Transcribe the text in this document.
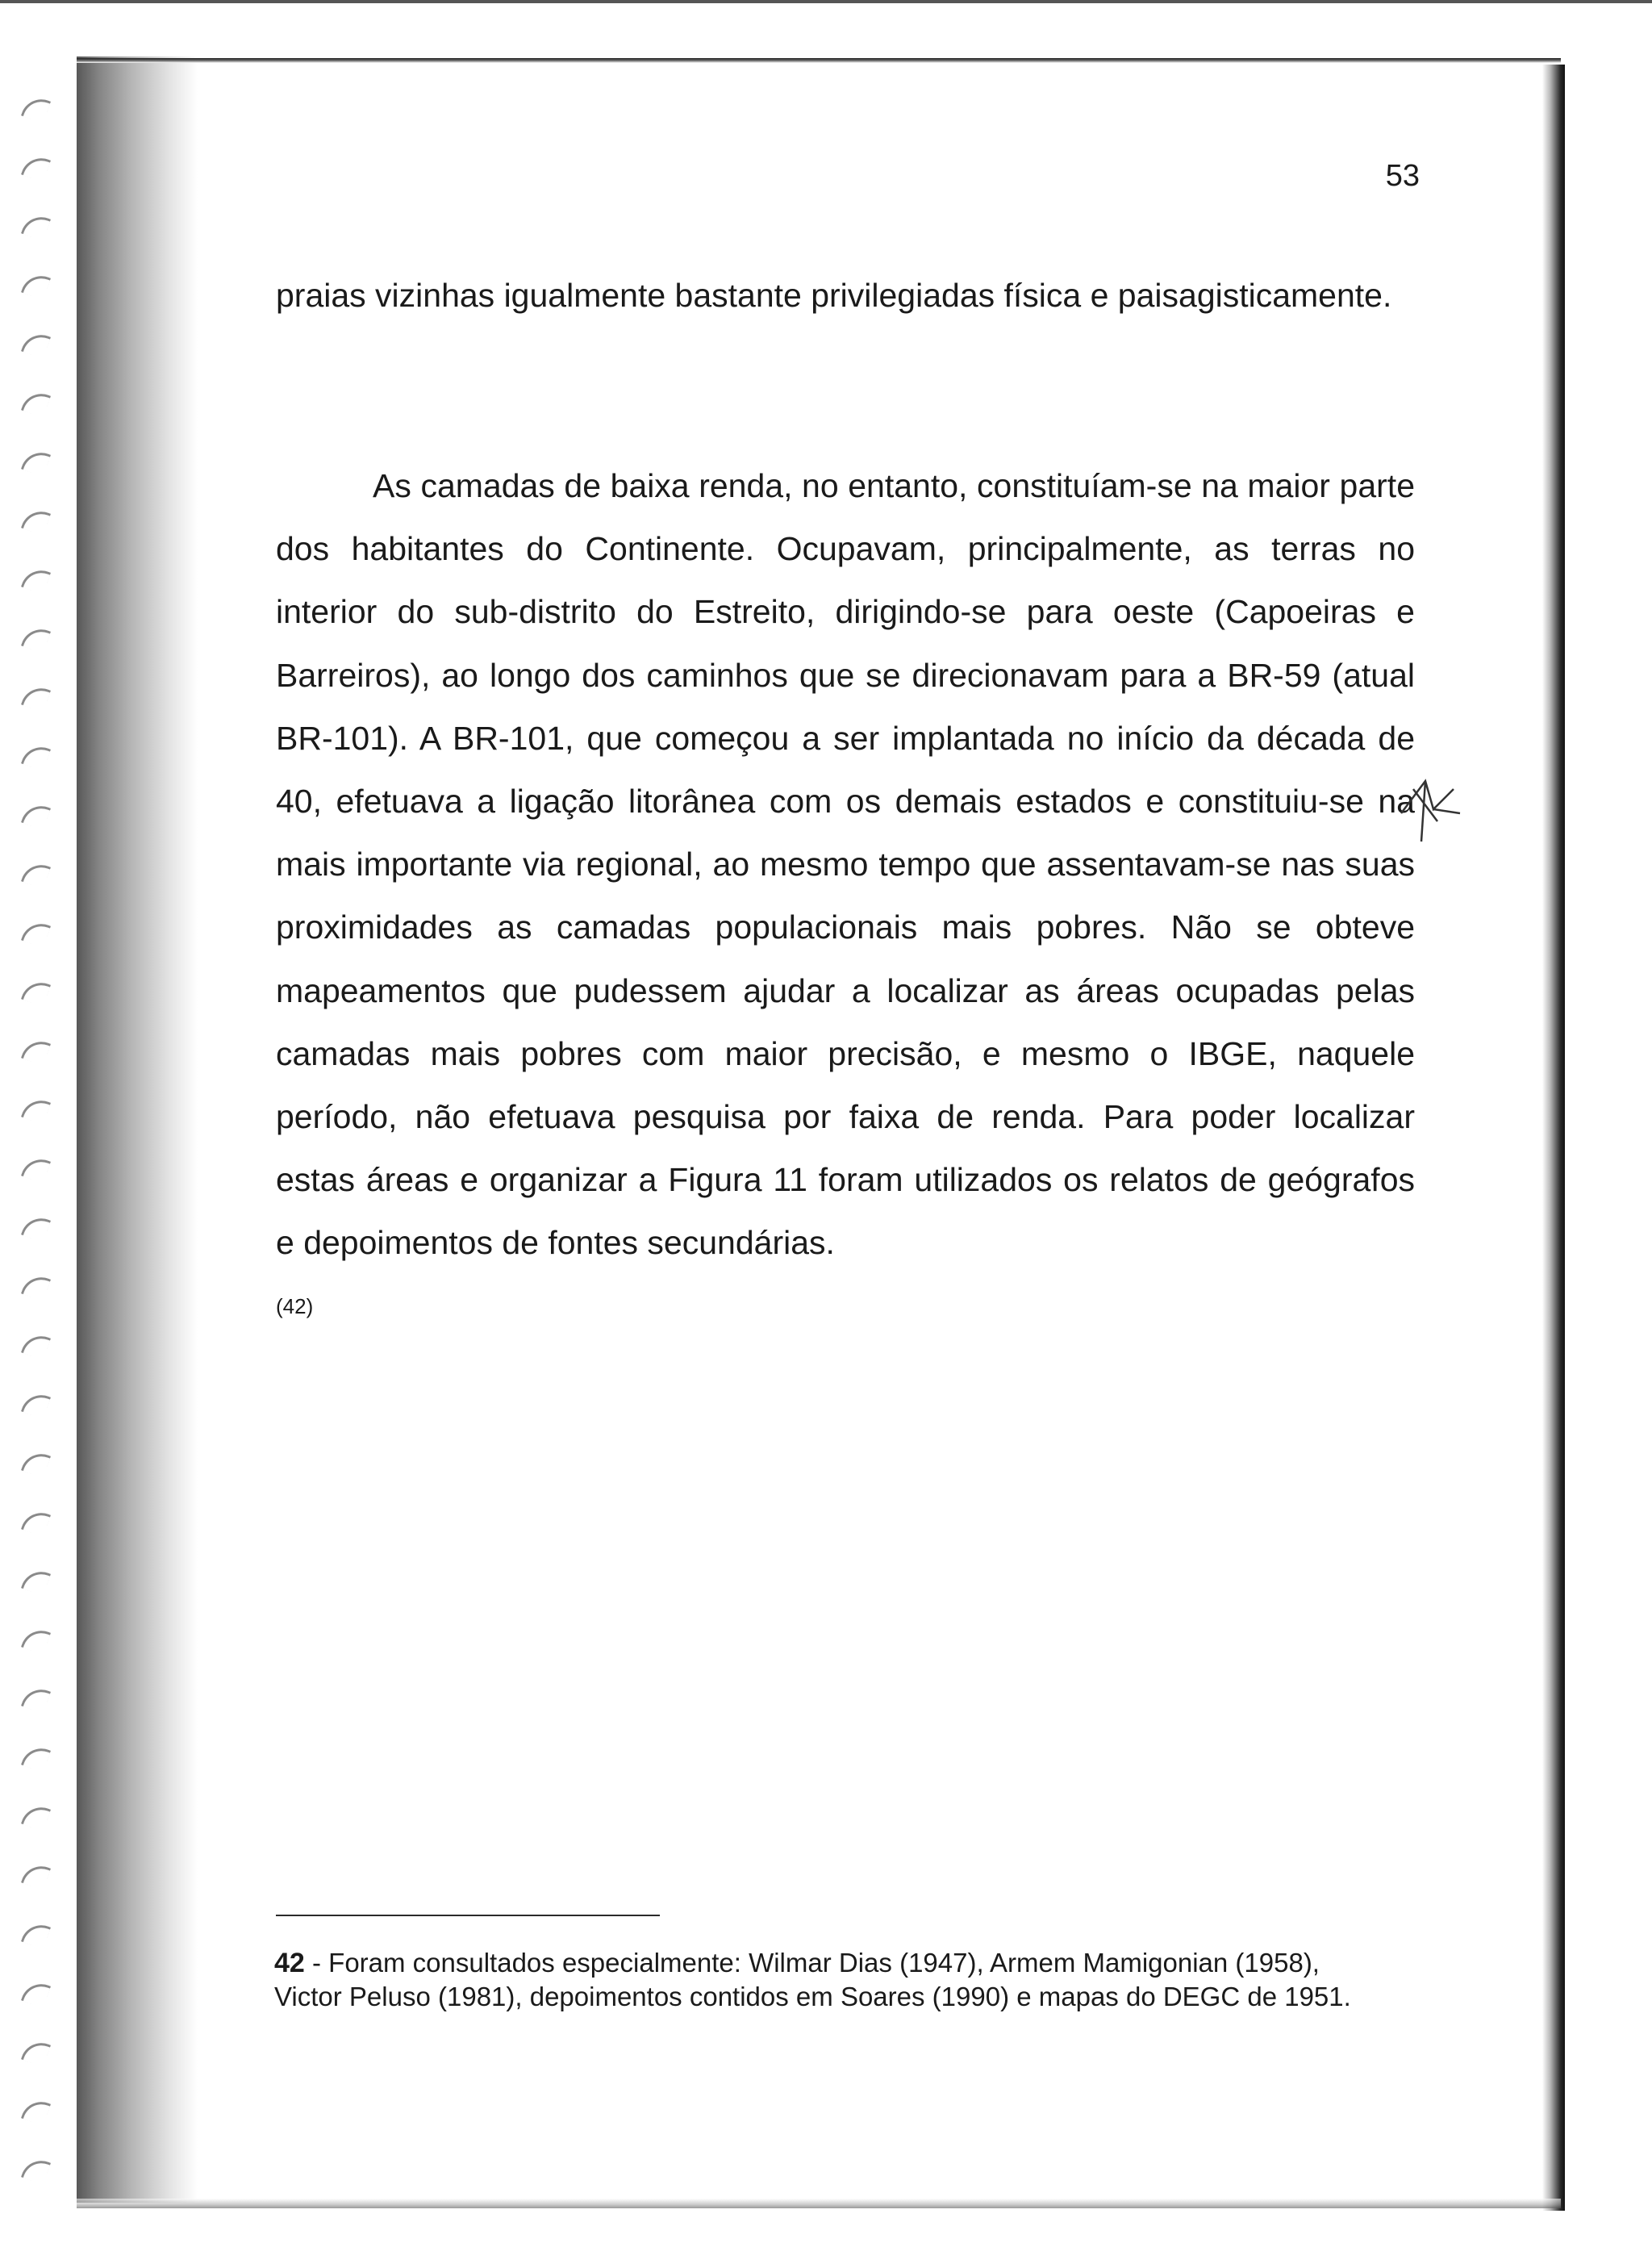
53

praias vizinhas igualmente bastante privilegiadas física e paisagisticamente.

As camadas de baixa renda, no entanto, constituíam-se na maior parte dos habitantes do Continente. Ocupavam, principalmente, as terras no interior do sub-distrito do Estreito, dirigindo-se para oeste (Capoeiras e Barreiros), ao longo dos caminhos que se direcionavam para a BR-59 (atual BR-101). A BR-101, que começou a ser implantada no início da década de 40, efetuava a ligação litorânea com os demais estados e constituiu-se na mais importante via regional, ao mesmo tempo que assentavam-se nas suas proximidades as camadas populacionais mais pobres. Não se obteve mapeamentos que pudessem ajudar a localizar as áreas ocupadas pelas camadas mais pobres com maior precisão, e mesmo o IBGE, naquele período, não efetuava pesquisa por faixa de renda. Para poder localizar estas áreas e organizar a Figura 11 foram utilizados os relatos de geógrafos e depoimentos de fontes secundárias.
$^{(42)}$

42 - Foram consultados especialmente: Wilmar Dias (1947), Armem Mamigonian (1958), Victor Peluso (1981), depoimentos contidos em Soares (1990) e mapas do DEGC de 1951.
